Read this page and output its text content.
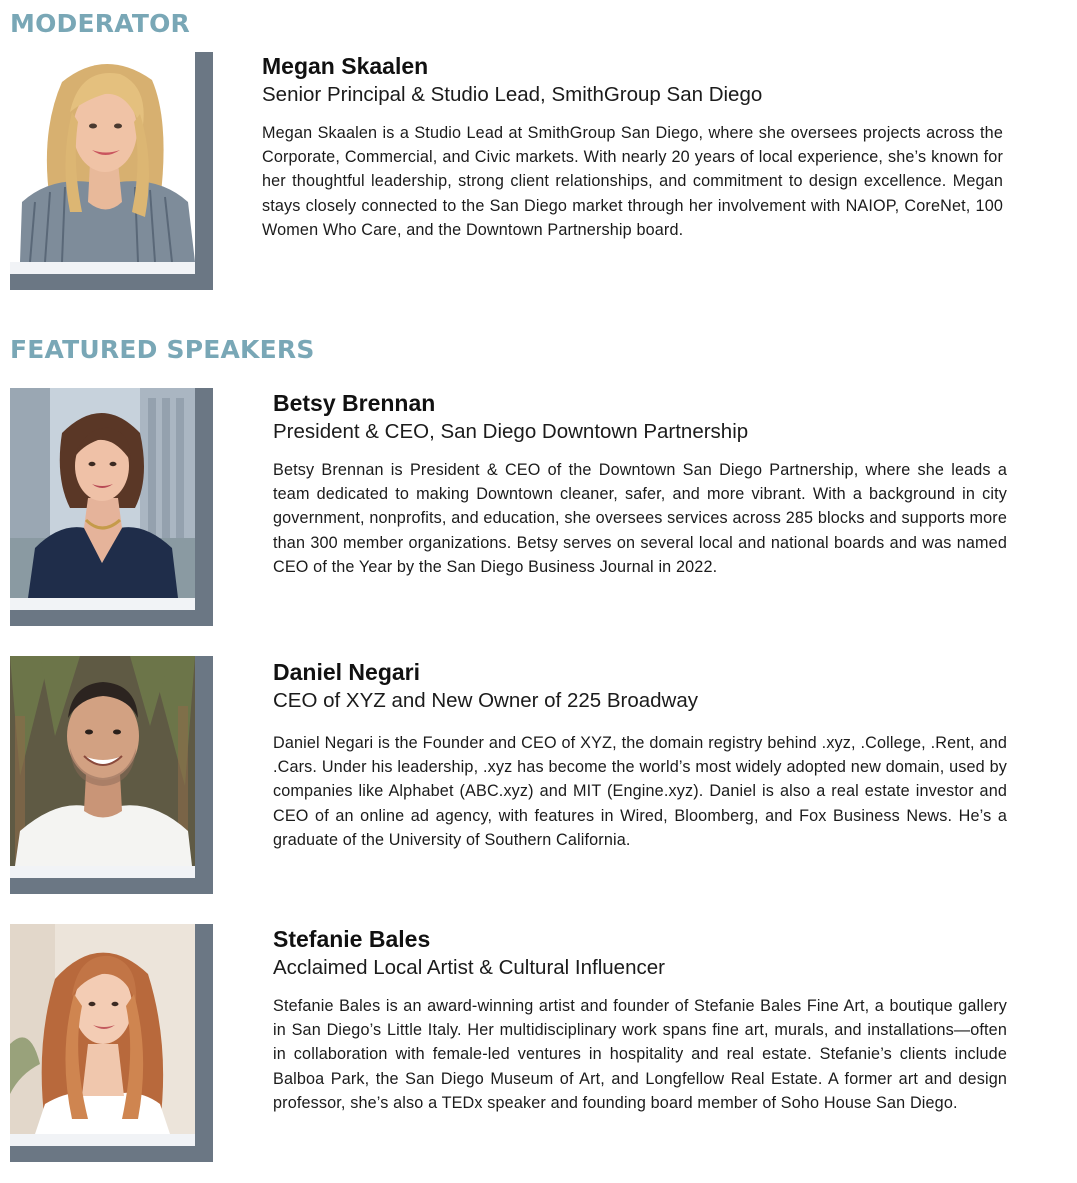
MODERATOR

Megan Skaalen

Senior Principal & Studio Lead, SmithGroup San Diego

Megan Skaalen is a Studio Lead at SmithGroup San Diego, where she oversees projects across the Corporate, Commercial, and Civic markets. With nearly 20 years of local experience, she’s known for her thoughtful leadership, strong client relationships, and commitment to design excellence. Megan stays closely connected to the San Diego market through her involvement with NAIOP, CoreNet, 100 Women Who Care, and the Downtown Partnership board.

FEATURED SPEAKERS

Betsy Brennan

President & CEO, San Diego Downtown Partnership

Betsy Brennan is President & CEO of the Downtown San Diego Partnership, where she leads a team dedicated to making Downtown cleaner, safer, and more vibrant. With a background in city government, nonprofits, and education, she oversees services across 285 blocks and supports more than 300 member organizations. Betsy serves on several local and national boards and was named CEO of the Year by the San Diego Business Journal in 2022.

Daniel Negari

CEO of XYZ and New Owner of 225 Broadway

Daniel Negari is the Founder and CEO of XYZ, the domain registry behind .xyz, .College, .Rent, and .Cars. Under his leadership, .xyz has become the world’s most widely adopted new domain, used by companies like Alphabet (ABC.xyz) and MIT (Engine.xyz). Daniel is also a real estate investor and CEO of an online ad agency, with features in Wired, Bloomberg, and Fox Business News. He’s a graduate of the University of Southern California.

Stefanie Bales

Acclaimed Local Artist & Cultural Influencer

Stefanie Bales is an award-winning artist and founder of Stefanie Bales Fine Art, a boutique gallery in San Diego’s Little Italy. Her multidisciplinary work spans fine art, murals, and installations—often in collaboration with female-led ventures in hospitality and real estate. Stefanie’s clients include Balboa Park, the San Diego Museum of Art, and Longfellow Real Estate. A former art and design professor, she’s also a TEDx speaker and founding board member of Soho House San Diego.
